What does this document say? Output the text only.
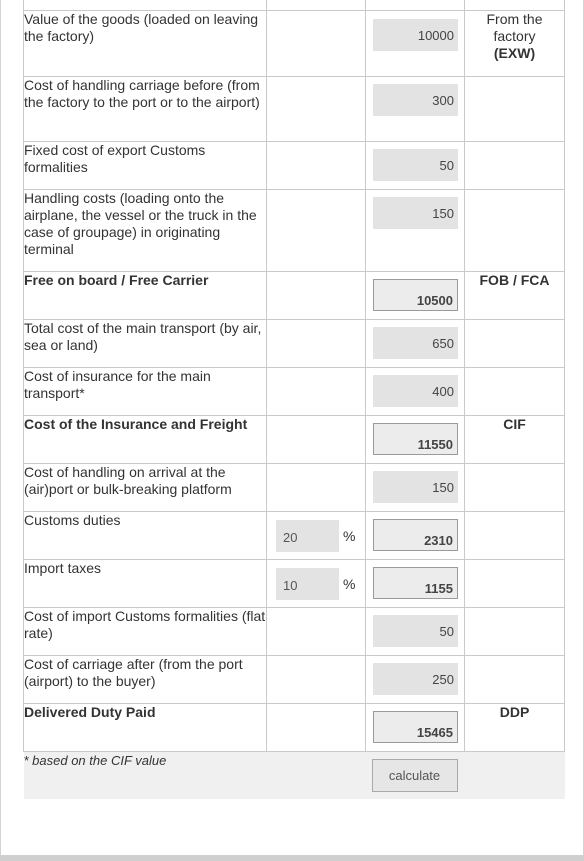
Value of the goods (loaded on leaving the factory)		10000	From the factory
(EXW)
Cost of handling carriage before (from the factory to the port or to the airport)		300	

Fixed cost of export Customs formalities		50	

Handling costs (loading onto the airplane, the vessel or the truck in the case of groupage) in originating terminal		150	

Free on board / Free Carrier		10500	FOB / FCA
Total cost of the main transport (by air, sea or land)		650	

Cost of insurance for the main transport*		400	

Cost of the Insurance and Freight		11550	CIF
Cost of handling on arrival at the (air)port or bulk-breaking platform		150	

Customs duties	20 %	2310	

Import taxes	10 %	1155	

Cost of import Customs formalities (flat rate)		50	

Cost of carriage after (from the port (airport) to the buyer)		250	

Delivered Duty Paid		15465	DDP
* based on the CIF value		calculate	
